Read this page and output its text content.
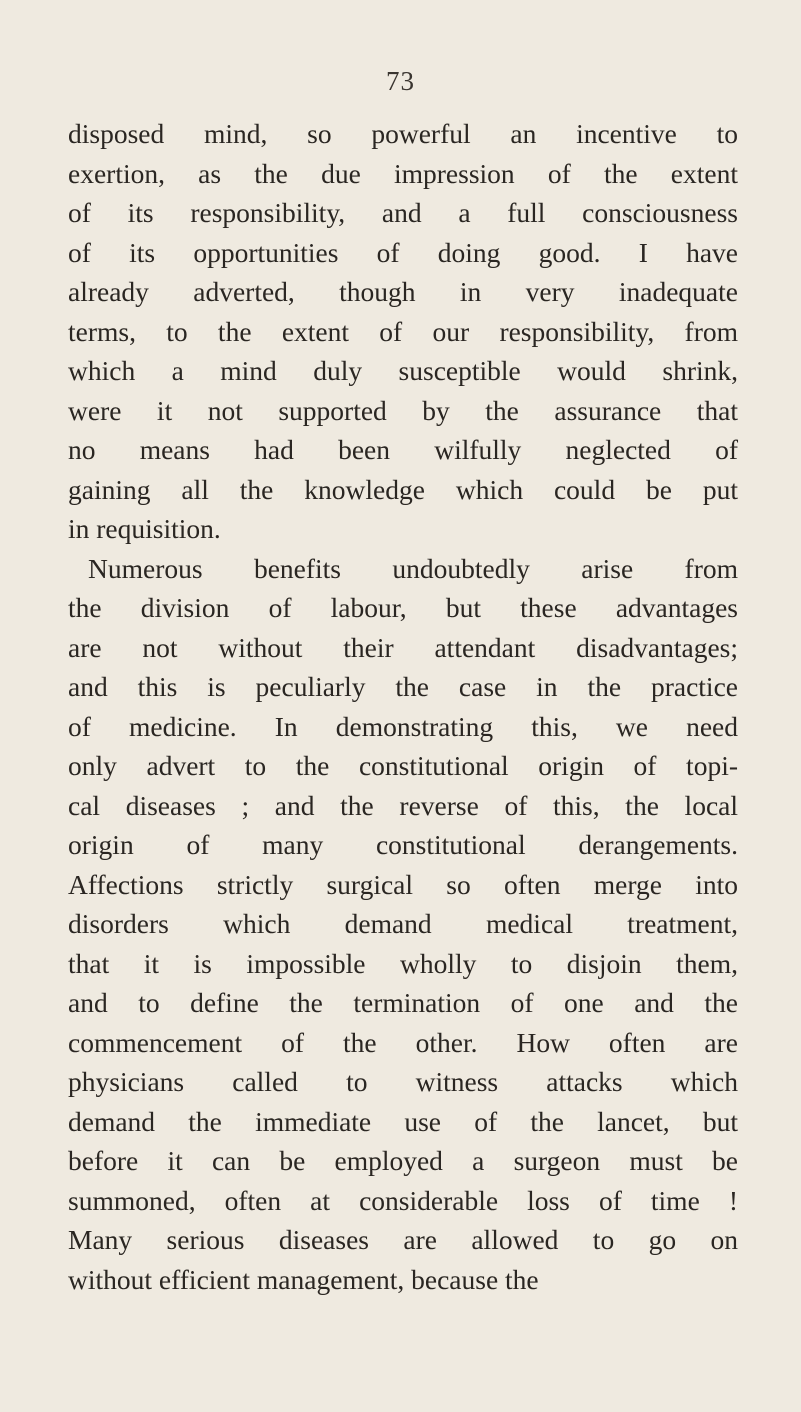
73
disposed mind, so powerful an incentive to
exertion, as the due impression of the extent
of its responsibility, and a full consciousness
of its opportunities of doing good. I have
already adverted, though in very inadequate
terms, to the extent of our responsibility, from
which a mind duly susceptible would shrink,
were it not supported by the assurance that
no means had been wilfully neglected of
gaining all the knowledge which could be put
in requisition.
Numerous benefits undoubtedly arise from
the division of labour, but these advantages
are not without their attendant disadvantages;
and this is peculiarly the case in the practice
of medicine. In demonstrating this, we need
only advert to the constitutional origin of topi-
cal diseases ; and the reverse of this, the local
origin of many constitutional derangements.
Affections strictly surgical so often merge into
disorders which demand medical treatment,
that it is impossible wholly to disjoin them,
and to define the termination of one and the
commencement of the other. How often are
physicians called to witness attacks which
demand the immediate use of the lancet, but
before it can be employed a surgeon must be
summoned, often at considerable loss of time !
Many serious diseases are allowed to go on
without efficient management, because the
